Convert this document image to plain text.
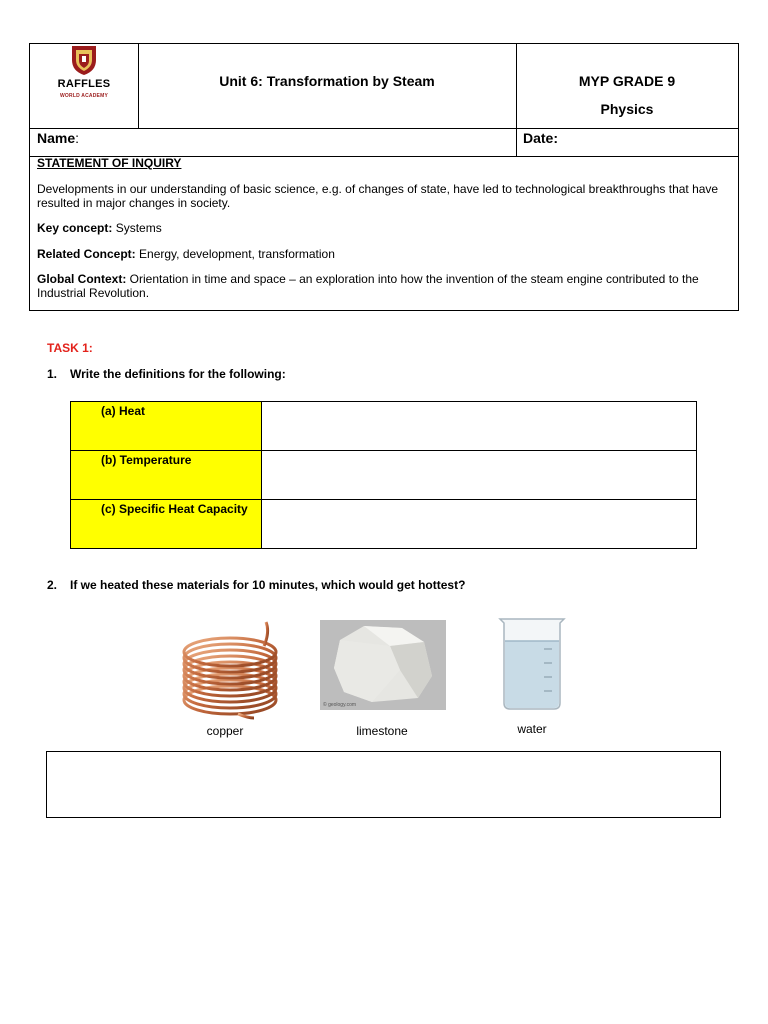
RAFFLES
WORLD ACADEMY
Unit 6: Transformation by Steam	MYP GRADE 9
Physics
Name:	Date:
STATEMENT OF INQUIRY
Developments in our understanding of basic science, e.g. of changes of state, have led to technological breakthroughs that have resulted in major changes in society.
Key concept: Systems
Related Concept: Energy, development, transformation
Global Context: Orientation in time and space – an exploration into how the invention of the steam engine contributed to the Industrial Revolution.
TASK 1:
1. Write the definitions for the following:
(a) Heat
(b) Temperature
(c) Specific Heat Capacity
2. If we heated these materials for 10 minutes, which would get hottest?
© geology.com
copper	limestone	water
